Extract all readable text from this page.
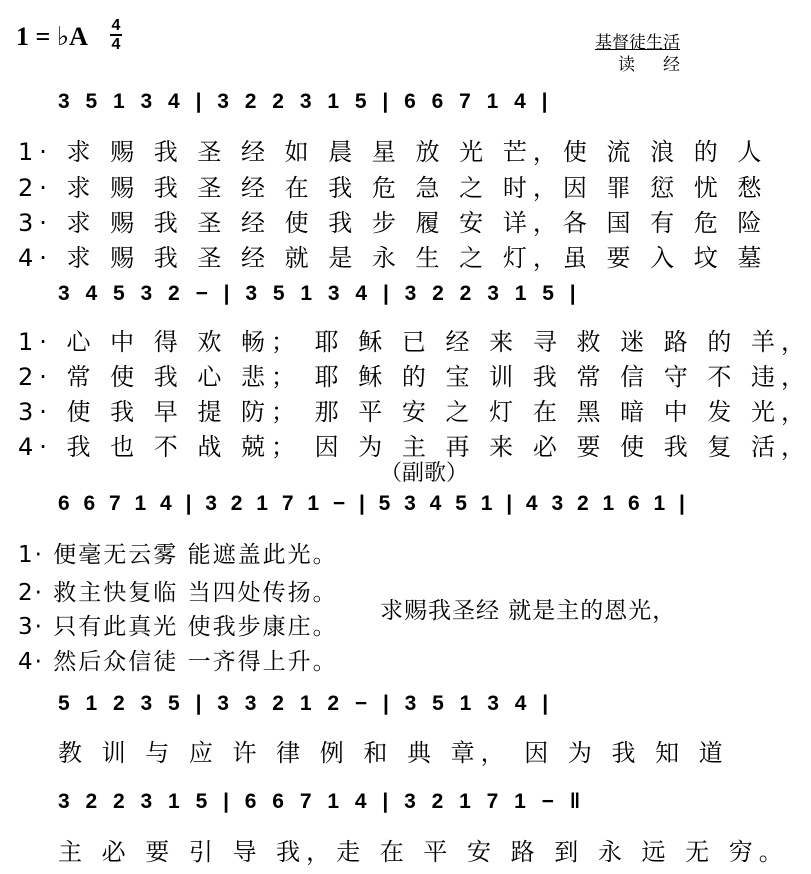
1 = ♭A 4
4	基督徒生活
读经
3 5 1 3 4 | 3 2 2 3 1 5 | 6 6 7 1 4 |
1· 求 赐 我 圣 经 如 晨 星 放 光 芒，使 流 浪 的 人
2· 求 赐 我 圣 经 在 我 危 急 之 时，因 罪 愆 忧 愁
3· 求 赐 我 圣 经 使 我 步 履 安 详，各 国 有 危 险
4· 求 赐 我 圣 经 就 是 永 生 之 灯，虽 要 入 坟 墓
3 4 5 3 2 − | 3 5 1 3 4 | 3 2 2 3 1 5 |
1· 心 中 得 欢 畅； 耶 稣 已 经 来 寻 救 迷 路 的 羊，
2· 常 使 我 心 悲； 耶 稣 的 宝 训 我 常 信 守 不 违，
3· 使 我 早 提 防； 那 平 安 之 灯 在 黑 暗 中 发 光，
4· 我 也 不 战 兢； 因 为 主 再 来 必 要 使 我 复 活，
（副歌）
6 6 7 1 4 | 3 2 1 7 1 − | 5 3 4 5 1 | 4 3 2 1 6 1 |
1· 便毫无云雾 能遮盖此光。
2· 救主快复临 当四处传扬。
3· 只有此真光 使我步康庄。
4· 然后众信徒 一齐得上升。
求赐我圣经 就是主的恩光，
5 1 2 3 5 | 3 3 2 1 2 − | 3 5 1 3 4 |
教 训 与 应 许 律 例 和 典 章， 因 为 我 知 道
3 2 2 3 1 5 | 6 6 7 1 4 | 3 2 1 7 1 − ‖
主 必 要 引 导 我，走 在 平 安 路 到 永 远 无 穷。
